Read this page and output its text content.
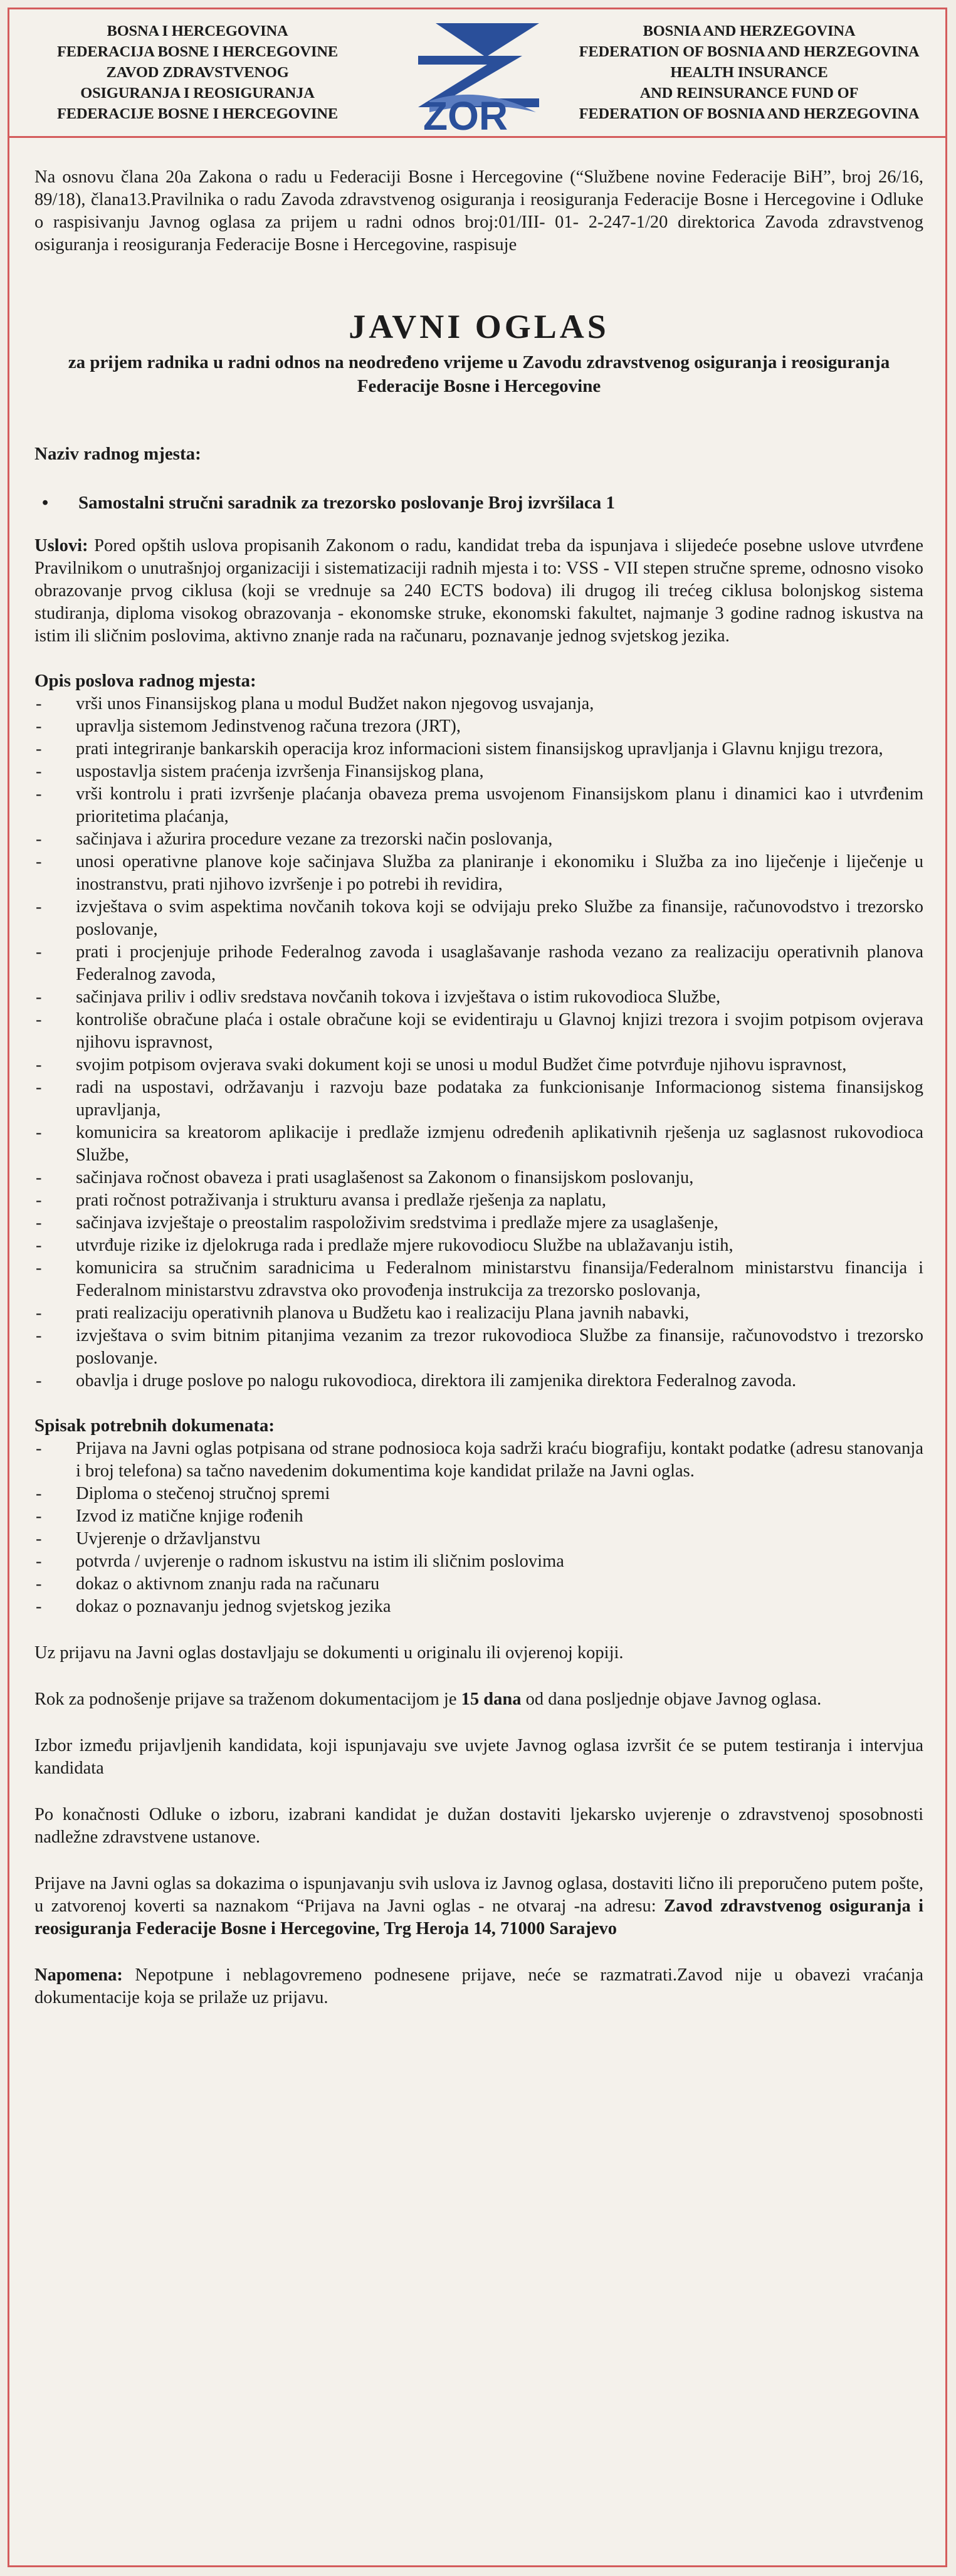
BOSNA I HERCEGOVINA
FEDERACIJA BOSNE I HERCEGOVINE
ZAVOD ZDRAVSTVENOG
OSIGURANJA I REOSIGURANJA
FEDERACIJE BOSNE I HERCEGOVINE	ZOR
BOSNIA AND HERZEGOVINA
FEDERATION OF BOSNIA AND HERZEGOVINA
HEALTH INSURANCE
AND REINSURANCE FUND OF
FEDERATION OF BOSNIA AND HERZEGOVINA

Na osnovu člana 20a Zakona o radu u Federaciji Bosne i Hercegovine (“Službene novine Federacije BiH”, broj 26/16, 89/18), člana13.Pravilnika o radu Zavoda zdravstvenog osiguranja i reosiguranja Federacije Bosne i Hercegovine i Odluke o raspisivanju Javnog oglasa za prijem u radni odnos broj:01/III- 01- 2-247-1/20 direktorica Zavoda zdravstvenog osiguranja i reosiguranja Federacije Bosne i Hercegovine, raspisuje

JAVNI OGLAS
za prijem radnika u radni odnos na neodređeno vrijeme u Zavodu zdravstvenog osiguranja i reosiguranja Federacije Bosne i Hercegovine
Naziv radnog mjesta:
•	Samostalni stručni saradnik za trezorsko poslovanje Broj izvršilaca 1

Uslovi: Pored opštih uslova propisanih Zakonom o radu, kandidat treba da ispunjava i slijedeće posebne uslove utvrđene Pravilnikom o unutrašnjoj organizaciji i sistematizaciji radnih mjesta i to: VSS - VII stepen stručne spreme, odnosno visoko obrazovanje prvog ciklusa (koji se vrednuje sa 240 ECTS bodova) ili drugog ili trećeg ciklusa bolonjskog sistema studiranja, diploma visokog obrazovanja - ekonomske struke, ekonomski fakultet, najmanje 3 godine radnog iskustva na istim ili sličnim poslovima, aktivno znanje rada na računaru, poznavanje jednog svjetskog jezika.

Opis poslova radnog mjesta:
-	vrši unos Finansijskog plana u modul Budžet nakon njegovog usvajanja,
-	upravlja sistemom Jedinstvenog računa trezora (JRT),
-	prati integriranje bankarskih operacija kroz informacioni sistem finansijskog upravljanja i Glavnu knjigu trezora,
-	uspostavlja sistem praćenja izvršenja Finansijskog plana,
-	vrši kontrolu i prati izvršenje plaćanja obaveza prema usvojenom Finansijskom planu i dinamici kao i utvrđenim prioritetima plaćanja,
-	sačinjava i ažurira procedure vezane za trezorski način poslovanja,
-	unosi operativne planove koje sačinjava Služba za planiranje i ekonomiku i Služba za ino liječenje i liječenje u inostranstvu, prati njihovo izvršenje i po potrebi ih revidira,
-	izvještava o svim aspektima novčanih tokova koji se odvijaju preko Službe za finansije, računovodstvo i trezorsko poslovanje,
-	prati i procjenjuje prihode Federalnog zavoda i usaglašavanje rashoda vezano za realizaciju operativnih planova Federalnog zavoda,
-	sačinjava priliv i odliv sredstava novčanih tokova i izvještava o istim rukovodioca Službe,
-	kontroliše obračune plaća i ostale obračune koji se evidentiraju u Glavnoj knjizi trezora i svojim potpisom ovjerava njihovu ispravnost,
-	svojim potpisom ovjerava svaki dokument koji se unosi u modul Budžet čime potvrđuje njihovu ispravnost,
-	radi na uspostavi, održavanju i razvoju baze podataka za funkcionisanje Informacionog sistema finansijskog upravljanja,
-	komunicira sa kreatorom aplikacije i predlaže izmjenu određenih aplikativnih rješenja uz saglasnost rukovodioca Službe,
-	sačinjava ročnost obaveza i prati usaglašenost sa Zakonom o finansijskom poslovanju,
-	prati ročnost potraživanja i strukturu avansa i predlaže rješenja za naplatu,
-	sačinjava izvještaje o preostalim raspoloživim sredstvima i predlaže mjere za usaglašenje,
-	utvrđuje rizike iz djelokruga rada i predlaže mjere rukovodiocu Službe na ublažavanju istih,
-	komunicira sa stručnim saradnicima u Federalnom ministarstvu finansija/Federalnom ministarstvu financija i Federalnom ministarstvu zdravstva oko provođenja instrukcija za trezorsko poslovanja,
-	prati realizaciju operativnih planova u Budžetu kao i realizaciju Plana javnih nabavki,
-	izvještava o svim bitnim pitanjima vezanim za trezor rukovodioca Službe za finansije, računovodstvo i trezorsko poslovanje.
-	obavlja i druge poslove po nalogu rukovodioca, direktora ili zamjenika direktora Federalnog zavoda.
Spisak potrebnih dokumenata:
-	Prijava na Javni oglas potpisana od strane podnosioca koja sadrži kraću biografiju, kontakt podatke (adresu stanovanja i broj telefona) sa tačno navedenim dokumentima koje kandidat prilaže na Javni oglas.
-	Diploma o stečenoj stručnoj spremi
-	Izvod iz matične knjige rođenih
-	Uvjerenje o državljanstvu
-	potvrda / uvjerenje o radnom iskustvu na istim ili sličnim poslovima
-	dokaz o aktivnom znanju rada na računaru
-	dokaz o poznavanju jednog svjetskog jezika

Uz prijavu na Javni oglas dostavljaju se dokumenti u originalu ili ovjerenoj kopiji.

Rok za podnošenje prijave sa traženom dokumentacijom je 15 dana od dana posljednje objave Javnog oglasa.

Izbor između prijavljenih kandidata, koji ispunjavaju sve uvjete Javnog oglasa izvršit će se putem testiranja i intervjua kandidata

Po konačnosti Odluke o izboru, izabrani kandidat je dužan dostaviti ljekarsko uvjerenje o zdravstvenoj sposobnosti nadležne zdravstvene ustanove.

Prijave na Javni oglas sa dokazima o ispunjavanju svih uslova iz Javnog oglasa, dostaviti lično ili preporučeno putem pošte, u zatvorenoj koverti sa naznakom “Prijava na Javni oglas - ne otvaraj -na adresu: Zavod zdravstvenog osiguranja i reosiguranja Federacije Bosne i Hercegovine, Trg Heroja 14, 71000 Sarajevo

Napomena: Nepotpune i neblagovremeno podnesene prijave, neće se razmatrati.Zavod nije u obavezi vraćanja dokumentacije koja se prilaže uz prijavu.
